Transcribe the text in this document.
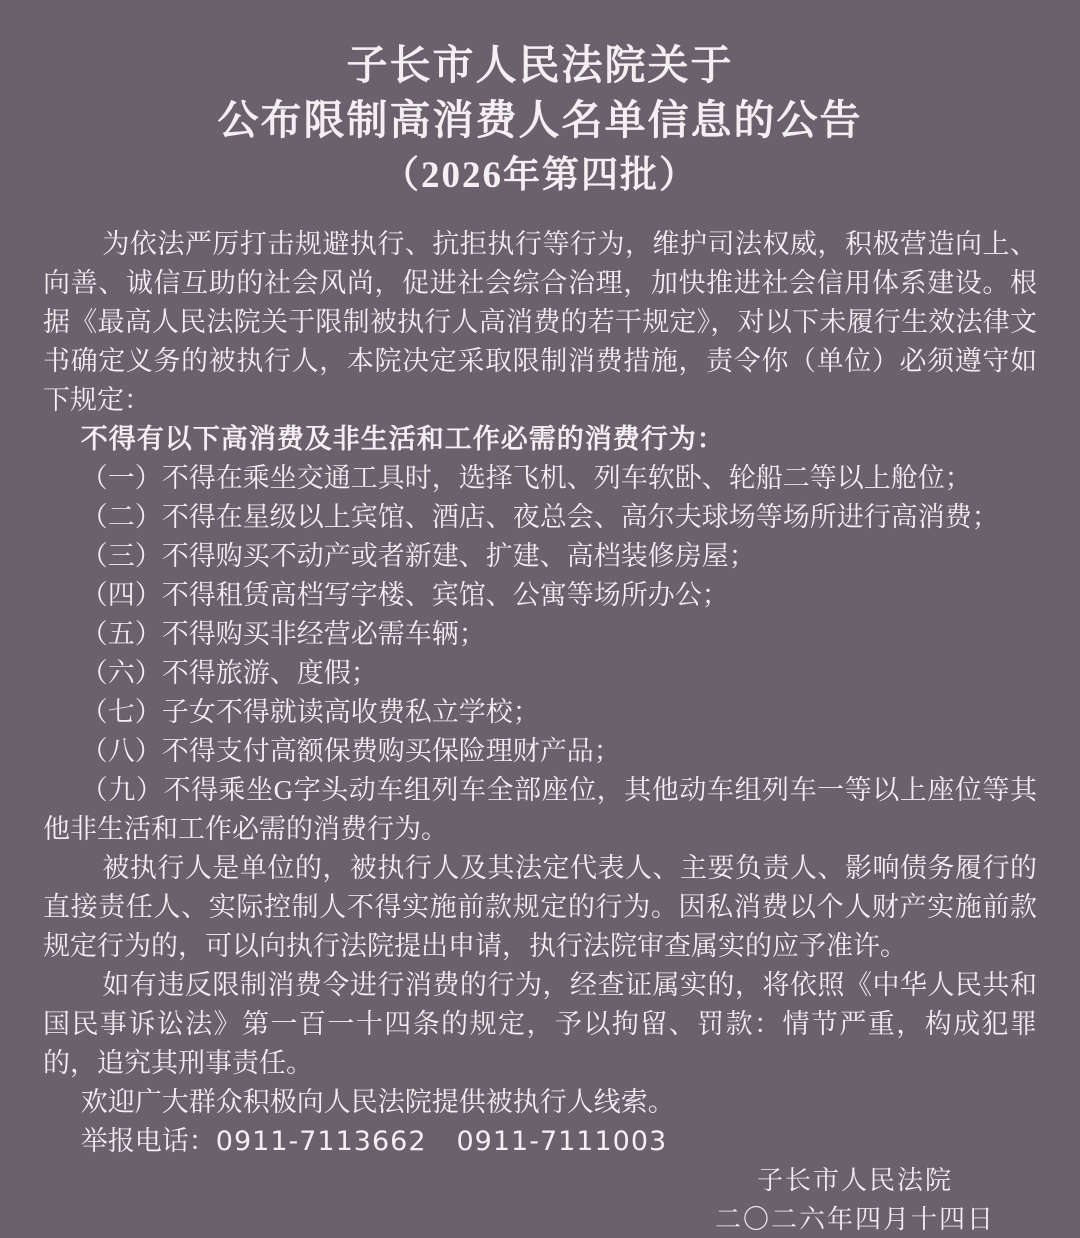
子长市人民法院关于
公布限制高消费人名单信息的公告
（2026年第四批）

为依法严厉打击规避执行、抗拒执行等行为，维护司法权威，积极营造向上、向善、诚信互助的社会风尚，促进社会综合治理，加快推进社会信用体系建设。根据《最高人民法院关于限制被执行人高消费的若干规定》，对以下未履行生效法律文书确定义务的被执行人，本院决定采取限制消费措施，责令你（单位）必须遵守如下规定：

不得有以下高消费及非生活和工作必需的消费行为：

（一）不得在乘坐交通工具时，选择飞机、列车软卧、轮船二等以上舱位；

（二）不得在星级以上宾馆、酒店、夜总会、高尔夫球场等场所进行高消费；

（三）不得购买不动产或者新建、扩建、高档装修房屋；

（四）不得租赁高档写字楼、宾馆、公寓等场所办公；

（五）不得购买非经营必需车辆；

（六）不得旅游、度假；

（七）子女不得就读高收费私立学校；

（八）不得支付高额保费购买保险理财产品；

（九）不得乘坐G字头动车组列车全部座位，其他动车组列车一等以上座位等其他非生活和工作必需的消费行为。

被执行人是单位的，被执行人及其法定代表人、主要负责人、影响债务履行的直接责任人、实际控制人不得实施前款规定的行为。因私消费以个人财产实施前款规定行为的，可以向执行法院提出申请，执行法院审查属实的应予准许。

如有违反限制消费令进行消费的行为，经查证属实的，将依照《中华人民共和国民事诉讼法》第一百一十四条的规定，予以拘留、罚款：情节严重，构成犯罪的，追究其刑事责任。

欢迎广大群众积极向人民法院提供被执行人线索。

举报电话：0911-7113662 0911-7111003

子长市人民法院
二〇二六年四月十四日
